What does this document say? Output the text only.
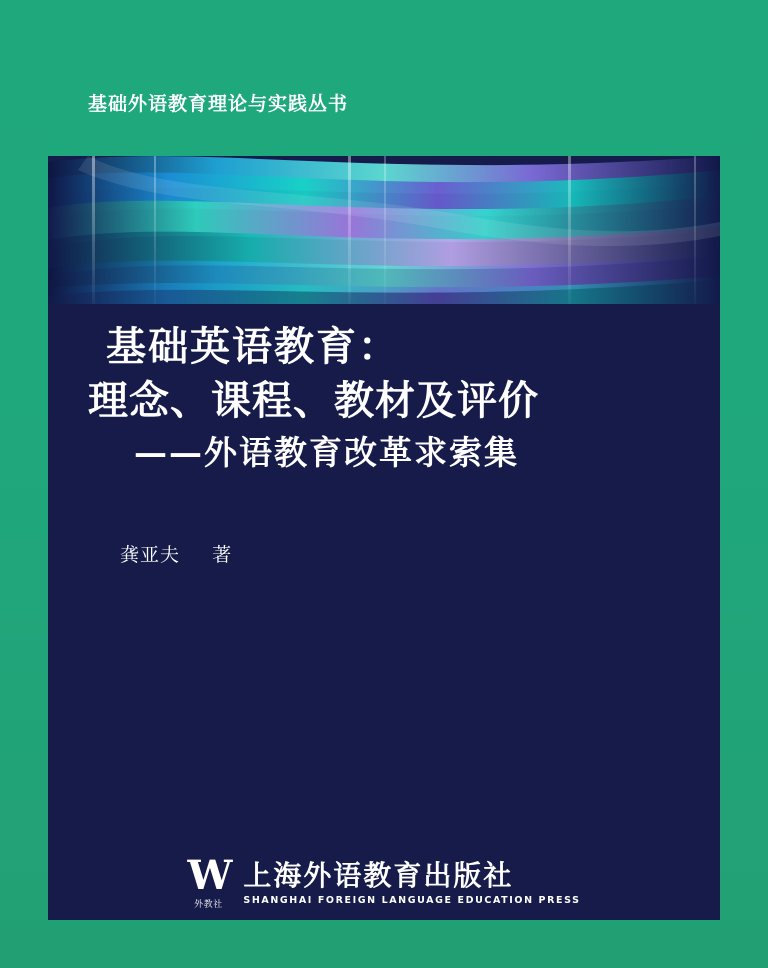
基础外语教育理论与实践丛书
基础英语教育：
理念、课程、教材及评价
——外语教育改革求索集
龚亚夫 著
W
外教社
上海外语教育出版社
SHANGHAI FOREIGN LANGUAGE EDUCATION PRESS
